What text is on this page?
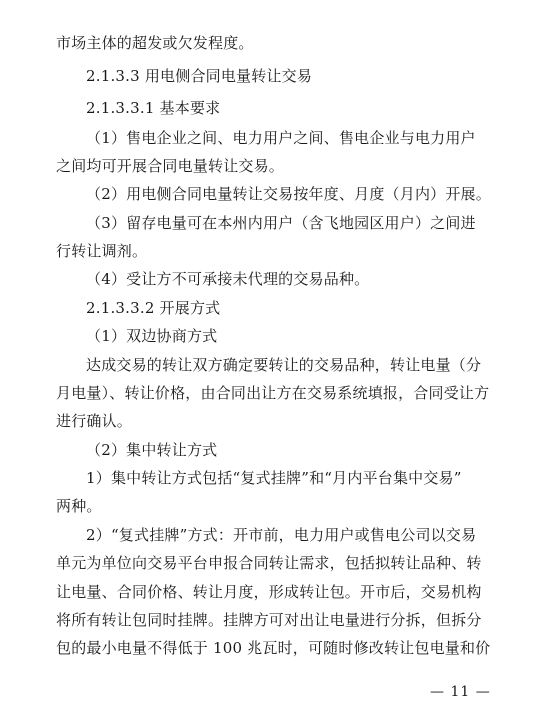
市场主体的超发或欠发程度。
2.1.3.3 用电侧合同电量转让交易
2.1.3.3.1 基本要求
（1）售电企业之间、电力用户之间、售电企业与电力用户
之间均可开展合同电量转让交易。
（2）用电侧合同电量转让交易按年度、月度（月内）开展。
（3）留存电量可在本州内用户（含飞地园区用户）之间进
行转让调剂。
（4）受让方不可承接未代理的交易品种。
2.1.3.3.2 开展方式
（1）双边协商方式
达成交易的转让双方确定要转让的交易品种，转让电量（分
月电量）、转让价格，由合同出让方在交易系统填报，合同受让方
进行确认。
（2）集中转让方式
1）集中转让方式包括“复式挂牌”和“月内平台集中交易”
两种。
2）“复式挂牌”方式：开市前，电力用户或售电公司以交易
单元为单位向交易平台申报合同转让需求，包括拟转让品种、转
让电量、合同价格、转让月度，形成转让包。开市后，交易机构
将所有转让包同时挂牌。挂牌方可对出让电量进行分拆，但拆分
包的最小电量不得低于 100 兆瓦时，可随时修改转让包电量和价
— 11 —
